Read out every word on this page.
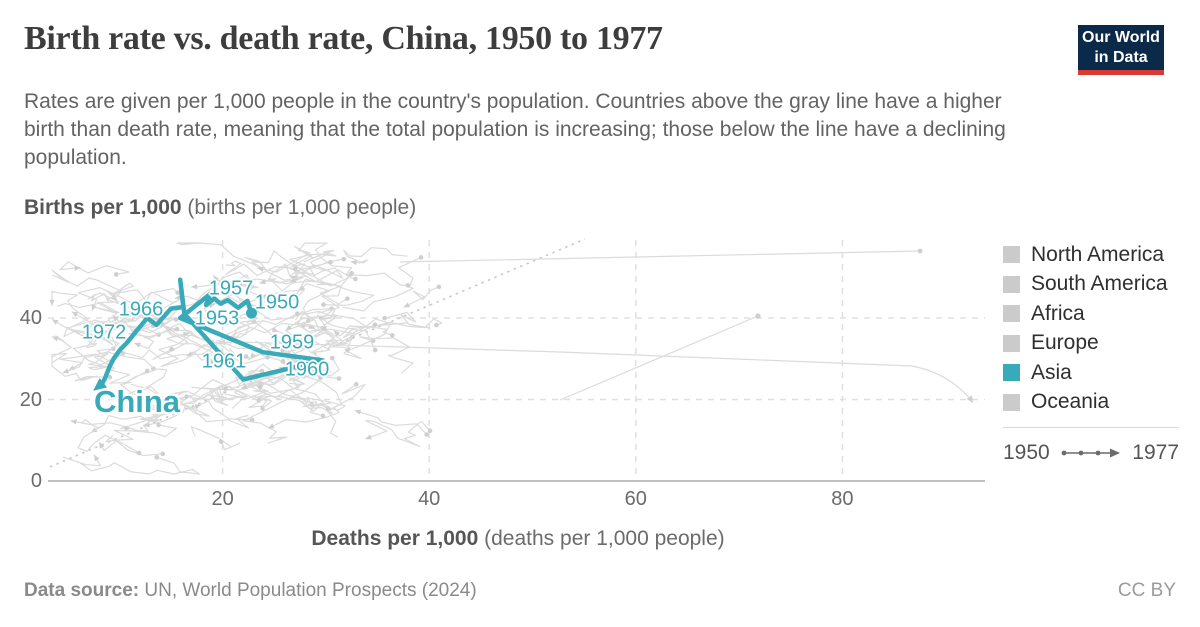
Birth rate vs. death rate, China, 1950 to 1977	Our World
in Data
Rates are given per 1,000 people in the country's population. Countries above the gray line have a higher
birth than death rate, meaning that the total population is increasing; those below the line have a declining
population.
Births per 1,000 (births per 1,000 people)
20	40	60	80
0
20
40
1950
1957
1953
1959
1961 1960
1966
1972
China
Deaths per 1,000 (deaths per 1,000 people)
North America
South America
Africa
Europe
Asia
Oceania
1950	1977
Data source: UN, World Population Prospects (2024)	CC BY
